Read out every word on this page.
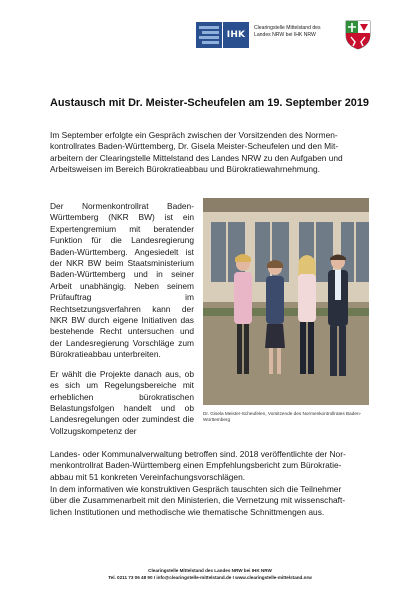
IHK
Clearingstelle Mittelstand des
Landes NRW bei IHK NRW
Austausch mit Dr. Meister-Scheufelen am 19. September 2019
Im September erfolgte ein Gespräch zwischen der Vorsitzenden des Normen-
kontrollrates Baden-Württemberg, Dr. Gisela Meister-Scheufelen und den Mit-
arbeitern der Clearingstelle Mittelstand des Landes NRW zu den Aufgaben und
Arbeitsweisen im Bereich Bürokratieabbau und Bürokratiewahrnehmung.

Der Normenkontrollrat Baden-Württemberg (NKR BW) ist ein Expertengremium mit beratender Funktion für die Landesregierung Baden-Württemberg. Angesiedelt ist der NKR BW beim Staatsministerium Baden-Württemberg und in seiner Arbeit unabhängig. Neben seinem Prüfauftrag im Rechtsetzungsverfahren kann der NKR BW durch eigene Initiativen das bestehende Recht untersuchen und der Landesregierung Vorschläge zum Bürokratieabbau unterbreiten.

Er wählt die Projekte danach aus, ob es sich um Regelungsbereiche mit erheblichen bürokratischen Belastungsfolgen handelt und ob Landesregelungen oder zumindest die Vollzugskompetenz der

Dr. Gisela Meister-Scheufelen, Vorsitzende des Normenkontrollrates Baden-Württemberg
Landes- oder Kommunalverwaltung betroffen sind. 2018 veröffentlichte der Nor-
menkontrollrat Baden-Württemberg einen Empfehlungsbericht zum Bürokratie-
abbau mit 51 konkreten Vereinfachungsvorschlägen.
In dem informativen wie konstruktiven Gespräch tauschten sich die Teilnehmer
über die Zusammenarbeit mit den Ministerien, die Vernetzung mit wissenschaft-
lichen Institutionen und methodische wie thematische Schnittmengen aus.
Clearingstelle Mittelstand des Landes NRW bei IHK NRW
Tel. 0211 73 06 48 90 I info@clearingstelle-mittelstand.de I www.clearingstelle-mittelstand.nrw
